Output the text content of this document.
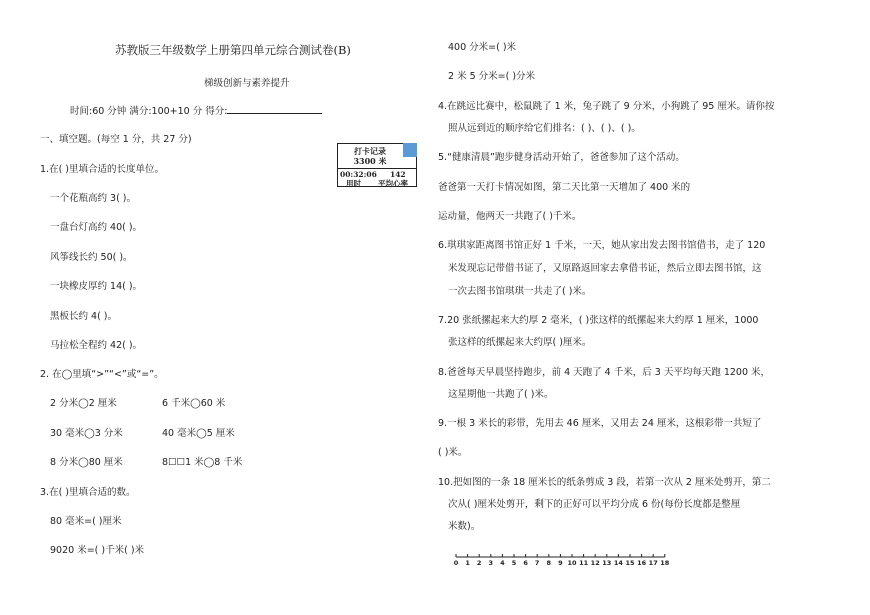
苏教版三年级数学上册第四单元综合测试卷(B)
梯级创新与素养提升
时间:60 分钟 满分:100+10 分 得分:
一、填空题。(每空 1 分，共 27 分)
1.在( )里填合适的长度单位。
一个花瓶高约 3( )。
一盘台灯高约 40( )。
风筝线长约 50( )。
一块橡皮厚约 14( )。
黑板长约 4( )。
马拉松全程约 42( )。
2. 在◯里填“>”“<”或“=”。
2 分米◯2 厘米	6 千米◯60 米
30 毫米◯3 分米	40 毫米◯5 厘米
8 分米◯80 厘米	8☐☐1 米◯8 千米
3.在( )里填合适的数。
80 毫米=( )厘米
9020 米=( )千米( )米
打卡记录
3300 米
00:32:06 142
用时 平均心率
400 分米=( )米
2 米 5 分米=( )分米
4.在跳远比赛中，松鼠跳了 1 米，兔子跳了 9 分米，小狗跳了 95 厘米。请你按
照从远到近的顺序给它们排名：( )、( )、( )。
5.“健康清晨”跑步健身活动开始了，爸爸参加了这个活动。
爸爸第一天打卡情况如图，第二天比第一天增加了 400 米的
运动量，他两天一共跑了( )千米。
6.琪琪家距离图书馆正好 1 千米，一天，她从家出发去图书馆借书，走了 120
米发现忘记带借书证了，又原路返回家去拿借书证，然后立即去图书馆，这
一次去图书馆琪琪一共走了( )米。
7.20 张纸摞起来大约厚 2 毫米，( )张这样的纸摞起来大约厚 1 厘米，1000
张这样的纸摞起来大约厚( )厘米。
8.爸爸每天早晨坚持跑步，前 4 天跑了 4 千米，后 3 天平均每天跑 1200 米，
这星期他一共跑了( )米。
9.一根 3 米长的彩带，先用去 46 厘米，又用去 24 厘米，这根彩带一共短了
( )米。
10.把如图的一条 18 厘米长的纸条剪成 3 段，若第一次从 2 厘米处剪开，第二
次从( )厘米处剪开，剩下的正好可以平均分成 6 份(每份长度都是整厘
米数)。
0 1 2 3 4 5 6 7 8 9 10 11 12 13 14 15 16 17 18
